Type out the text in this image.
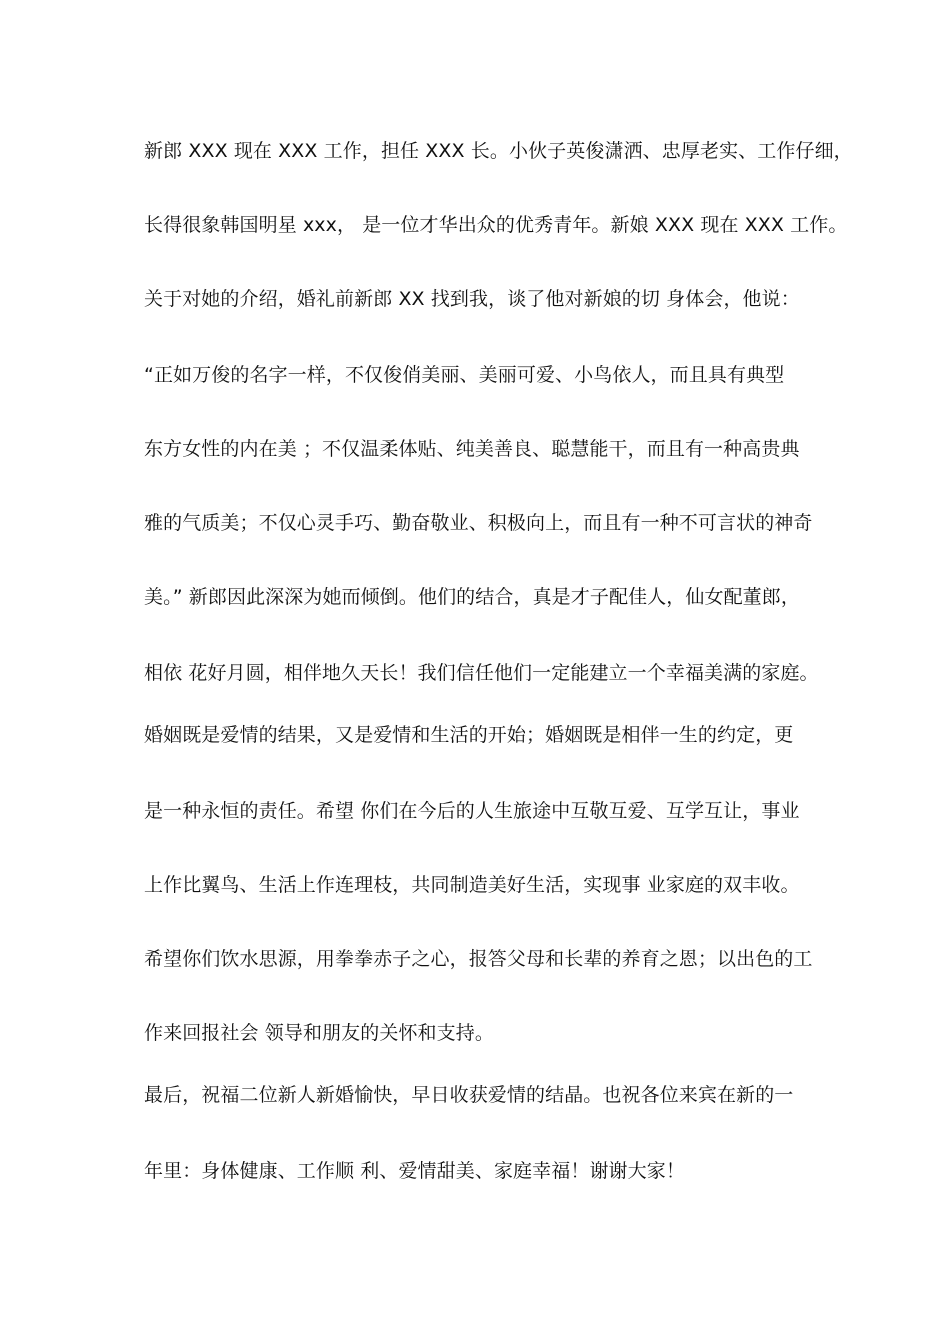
新郎 XXX 现在 XXX 工作，担任 XXX 长。小伙子英俊潇洒、忠厚老实、工作仔细，
长得很象韩国明星 xxx， 是一位才华出众的优秀青年。新娘 XXX 现在 XXX 工作。
关于对她的介绍，婚礼前新郎 XX 找到我，谈了他对新娘的切 身体会，他说：
“正如万俊的名字一样，不仅俊俏美丽、美丽可爱、小鸟依人，而且具有典型
东方女性的内在美 ；不仅温柔体贴、纯美善良、聪慧能干，而且有一种高贵典
雅的气质美；不仅心灵手巧、勤奋敬业、积极向上，而且有一种不可言状的神奇
美。” 新郎因此深深为她而倾倒。他们的结合，真是才子配佳人，仙女配董郎，
相依 花好月圆，相伴地久天长！我们信任他们一定能建立一个幸福美满的家庭。
婚姻既是爱情的结果，又是爱情和生活的开始；婚姻既是相伴一生的约定，更
是一种永恒的责任。希望 你们在今后的人生旅途中互敬互爱、互学互让，事业
上作比翼鸟、生活上作连理枝，共同制造美好生活，实现事 业家庭的双丰收。
希望你们饮水思源，用拳拳赤子之心，报答父母和长辈的养育之恩；以出色的工
作来回报社会 领导和朋友的关怀和支持。
最后，祝福二位新人新婚愉快，早日收获爱情的结晶。也祝各位来宾在新的一
年里：身体健康、工作顺 利、爱情甜美、家庭幸福！谢谢大家！
